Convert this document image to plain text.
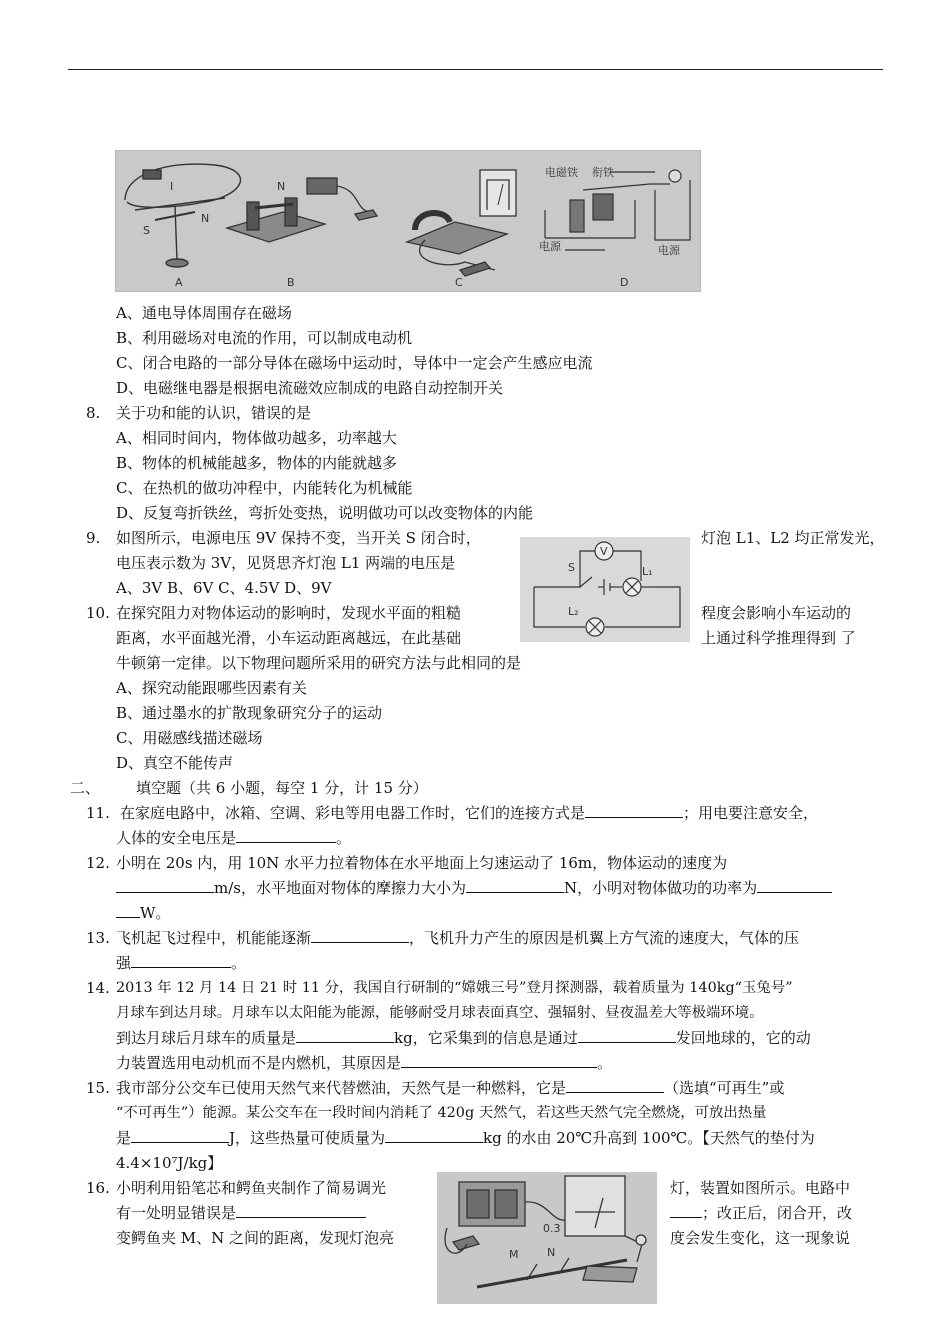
I
S
N
N
电磁铁 衔铁
电源	电源
A	B	C	D
A、通电导体周围存在磁场
B、利用磁场对电流的作用，可以制成电动机
C、闭合电路的一部分导体在磁场中运动时，导体中一定会产生感应电流
D、电磁继电器是根据电流磁效应制成的电路自动控制开关
8. 关于功和能的认识，错误的是
A、相同时间内，物体做功越多，功率越大
B、物体的机械能越多，物体的内能就越多
C、在热机的做功冲程中，内能转化为机械能
D、反复弯折铁丝，弯折处变热，说明做功可以改变物体的内能
9. 如图所示，电源电压 9V 保持不变，当开关 S 闭合时，	灯泡 L1、L2 均正常发光，
电压表示数为 3V，见贤思齐灯泡 L1 两端的电压是
A、3V B、6V C、4.5V D、9V
V
S	L₁
L₂
10. 在探究阻力对物体运动的影响时，发现水平面的粗糙	程度会影响小车运动的
距离，水平面越光滑，小车运动距离越远，在此基础	上通过科学推理得到 了
牛顿第一定律。以下物理问题所采用的研究方法与此相同的是
A、探究动能跟哪些因素有关
B、通过墨水的扩散现象研究分子的运动
C、用磁感线描述磁场
D、真空不能传声
二、 填空题（共 6 小题，每空 1 分，计 15 分）
11. 在家庭电路中，冰箱、空调、彩电等用电器工作时，它们的连接方式是	；用电要注意安全，
人体的安全电压是	。
12. 小明在 20s 内，用 10N 水平力拉着物体在水平地面上匀速运动了 16m，物体运动的速度为
m/s，水平地面对物体的摩擦力大小为	N，小明对物体做功的功率为
W。
13. 飞机起飞过程中，机能能逐渐	，飞机升力产生的原因是机翼上方气流的速度大，气体的压
强	。
14. 2013 年 12 月 14 日 21 时 11 分，我国自行研制的“嫦娥三号”登月探测器，载着质量为 140kg“玉兔号”
月球车到达月球。月球车以太阳能为能源，能够耐受月球表面真空、强辐射、昼夜温差大等极端环境。
到达月球后月球车的质量是	kg，它采集到的信息是通过	发回地球的，它的动
力装置选用电动机而不是内燃机，其原因是	。
15. 我市部分公交车已使用天然气来代替燃油，天然气是一种燃料，它是	（选填“可再生”或
“不可再生”）能源。某公交车在一段时间内消耗了 420g 天然气，若这些天然气完全燃烧，可放出热量
是	J，这些热量可使质量为	kg 的水由 20℃升高到 100℃。【天然气的垫付为
4.4×10⁷J/kg】
16. 小明利用铅笔芯和鳄鱼夹制作了简易调光	灯，装置如图所示。电路中
有一处明显错误是	；改正后，闭合开，改
变鳄鱼夹 M、N 之间的距离，发现灯泡亮	度会发生变化，这一现象说
0.3
M	N
